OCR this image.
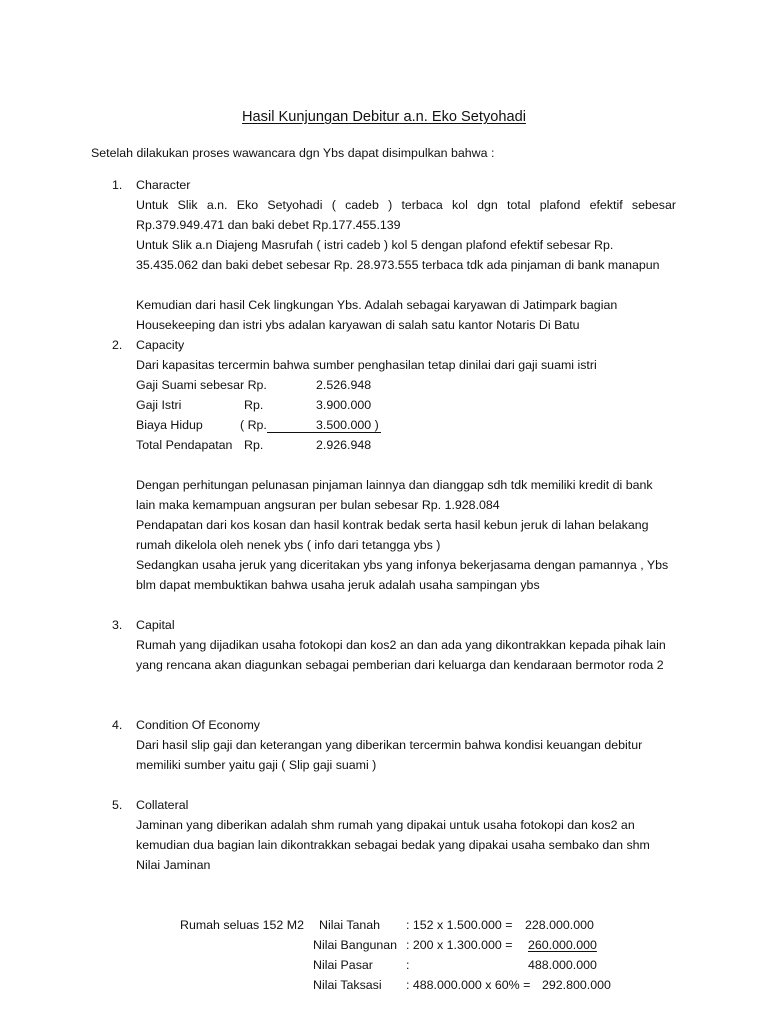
Hasil Kunjungan Debitur a.n. Eko Setyohadi
Setelah dilakukan proses wawancara dgn Ybs dapat disimpulkan bahwa :
1. Character
Untuk Slik a.n. Eko Setyohadi ( cadeb ) terbaca kol dgn total plafond efektif sebesar
Rp.379.949.471 dan baki debet Rp.177.455.139
Untuk Slik a.n Diajeng Masrufah ( istri cadeb ) kol 5 dengan plafond efektif sebesar Rp.
35.435.062 dan baki debet sebesar Rp. 28.973.555 terbaca tdk ada pinjaman di bank manapun
Kemudian dari hasil Cek lingkungan Ybs. Adalah sebagai karyawan di Jatimpark bagian
Housekeeping dan istri ybs adalan karyawan di salah satu kantor Notaris Di Batu
2. Capacity
Dari kapasitas tercermin bahwa sumber penghasilan tetap dinilai dari gaji suami istri
Gaji Suami sebesar Rp.	2.526.948
Gaji Istri	Rp.	3.900.000
Biaya Hidup	( Rp.	3.500.000 )
Total Pendapatan Rp.	2.926.948
Dengan perhitungan pelunasan pinjaman lainnya dan dianggap sdh tdk memiliki kredit di bank
lain maka kemampuan angsuran per bulan sebesar Rp. 1.928.084
Pendapatan dari kos kosan dan hasil kontrak bedak serta hasil kebun jeruk di lahan belakang
rumah dikelola oleh nenek ybs ( info dari tetangga ybs )
Sedangkan usaha jeruk yang diceritakan ybs yang infonya bekerjasama dengan pamannya , Ybs
blm dapat membuktikan bahwa usaha jeruk adalah usaha sampingan ybs
3. Capital
Rumah yang dijadikan usaha fotokopi dan kos2 an dan ada yang dikontrakkan kepada pihak lain
yang rencana akan diagunkan sebagai pemberian dari keluarga dan kendaraan bermotor roda 2
4. Condition Of Economy
Dari hasil slip gaji dan keterangan yang diberikan tercermin bahwa kondisi keuangan debitur
memiliki sumber yaitu gaji ( Slip gaji suami )
5. Collateral
Jaminan yang diberikan adalah shm rumah yang dipakai untuk usaha fotokopi dan kos2 an
kemudian dua bagian lain dikontrakkan sebagai bedak yang dipakai usaha sembako dan shm
Nilai Jaminan
Rumah seluas 152 M2 Nilai Tanah : 152 x 1.500.000 = 228.000.000
Nilai Bangunan : 200 x 1.300.000 = 260.000.000
Nilai Pasar	:	488.000.000
Nilai Taksasi : 488.000.000 x 60% = 292.800.000
